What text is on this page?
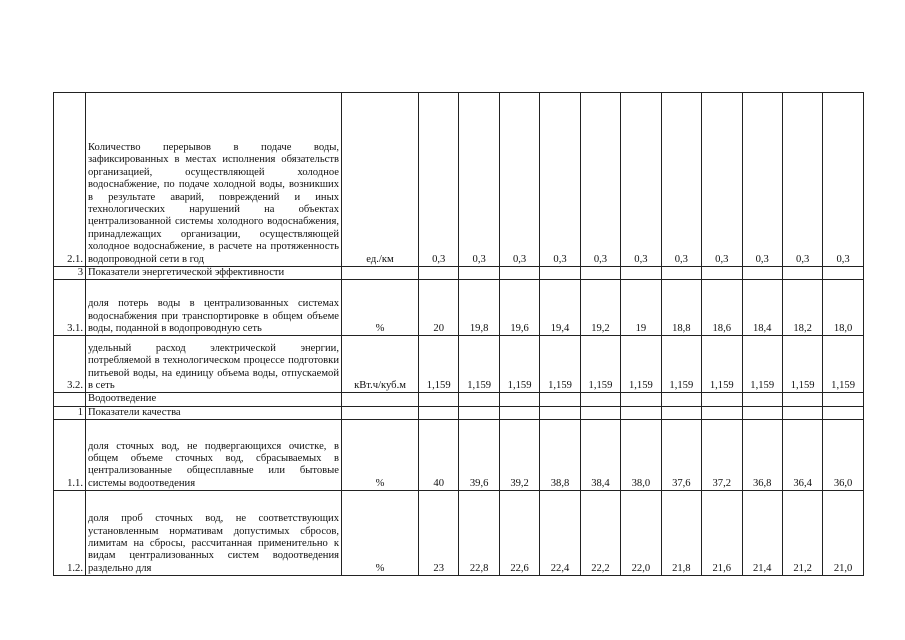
2.1.	Количество перерывов в подаче воды, зафиксированных в местах исполнения обязательств организацией, осуществляющей холодное водоснабжение, по подаче холодной воды, возникших в результате аварий, повреждений и иных технологических нарушений на объектах централизованной системы холодного водоснабжения, принадлежащих организации, осуществляющей холодное водоснабжение, в расчете на протяженность водопроводной сети в год	ед./км	0,3	0,3	0,3	0,3	0,3	0,3	0,3	0,3	0,3	0,3	0,3
3	Показатели энергетической эффективности												
3.1.	доля потерь воды в централизованных системах водоснабжения при транспортировке в общем объеме воды, поданной в водопроводную сеть	%	20	19,8	19,6	19,4	19,2	19	18,8	18,6	18,4	18,2	18,0
3.2.	удельный расход электрической энергии, потребляемой в технологическом процессе подготовки питьевой воды, на единицу объема воды, отпускаемой в сеть	кВт.ч/куб.м	1,159	1,159	1,159	1,159	1,159	1,159	1,159	1,159	1,159	1,159	1,159
	Водоотведение												
1	Показатели качества												
1.1.	доля сточных вод, не подвергающихся очистке, в общем объеме сточных вод, сбрасываемых в централизованные общесплавные или бытовые системы водоотведения	%	40	39,6	39,2	38,8	38,4	38,0	37,6	37,2	36,8	36,4	36,0
1.2.	доля проб сточных вод, не соответствующих установленным нормативам допустимых сбросов, лимитам на сбросы, рассчитанная применительно к видам централизованных систем водоотведения раздельно для	%	23	22,8	22,6	22,4	22,2	22,0	21,8	21,6	21,4	21,2	21,0
